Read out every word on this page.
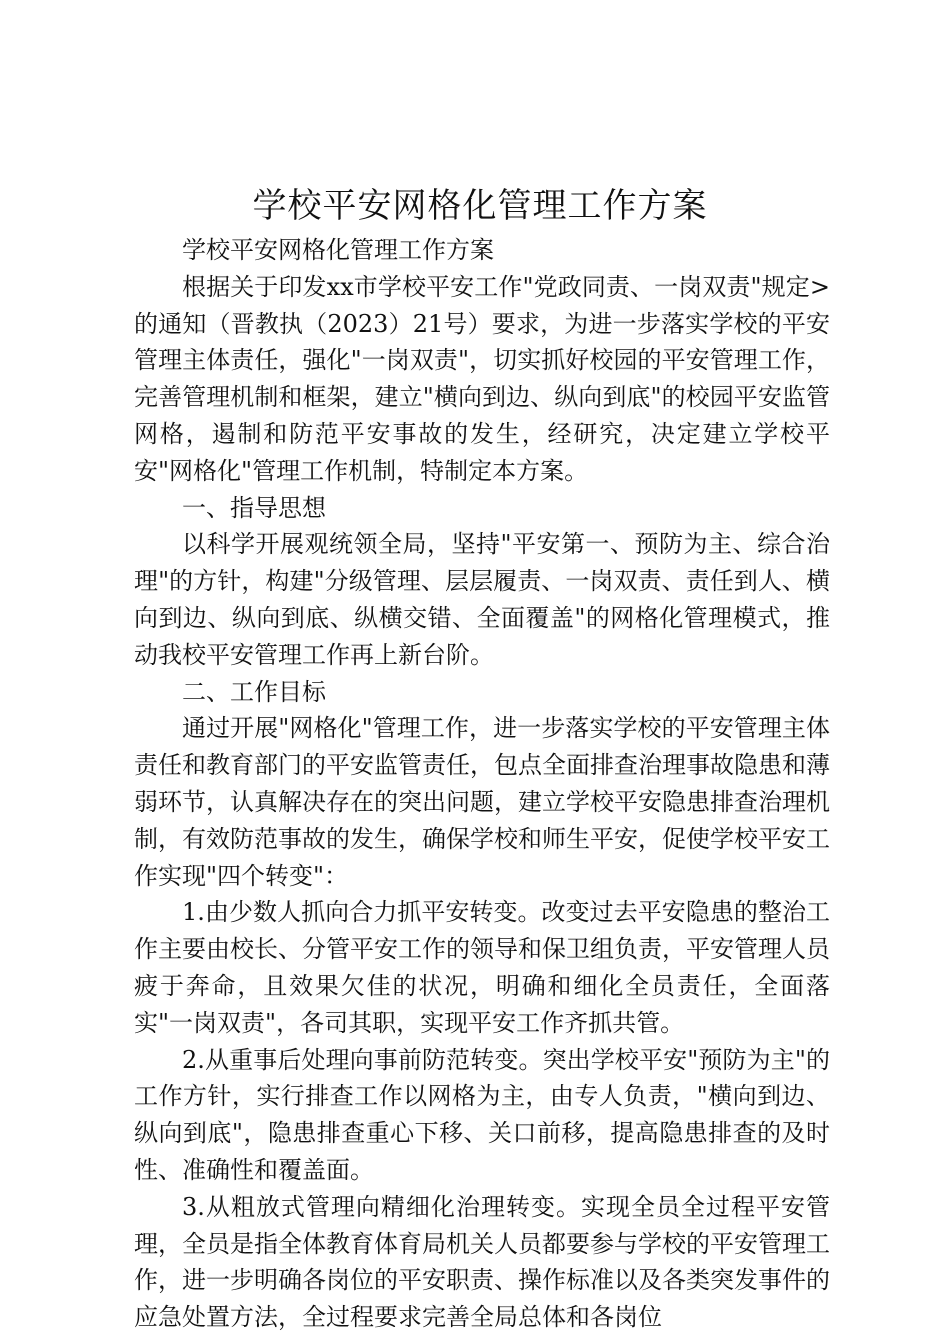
学校平安网格化管理工作方案

学校平安网格化管理工作方案

根据关于印发xx市学校平安工作"党政同责、一岗双责"规定>的通知（晋教执（2023）21号）要求，为进一步落实学校的平安管理主体责任，强化"一岗双责"，切实抓好校园的平安管理工作，完善管理机制和框架，建立"横向到边、纵向到底"的校园平安监管网格，遏制和防范平安事故的发生，经研究，决定建立学校平安"网格化"管理工作机制，特制定本方案。

一、指导思想

以科学开展观统领全局，坚持"平安第一、预防为主、综合治理"的方针，构建"分级管理、层层履责、一岗双责、责任到人、横向到边、纵向到底、纵横交错、全面覆盖"的网格化管理模式，推动我校平安管理工作再上新台阶。

二、工作目标

通过开展"网格化"管理工作，进一步落实学校的平安管理主体责任和教育部门的平安监管责任，包点全面排查治理事故隐患和薄弱环节，认真解决存在的突出问题，建立学校平安隐患排查治理机制，有效防范事故的发生，确保学校和师生平安，促使学校平安工作实现"四个转变"：

1.由少数人抓向合力抓平安转变。改变过去平安隐患的整治工作主要由校长、分管平安工作的领导和保卫组负责，平安管理人员疲于奔命，且效果欠佳的状况，明确和细化全员责任，全面落实"一岗双责"，各司其职，实现平安工作齐抓共管。

2.从重事后处理向事前防范转变。突出学校平安"预防为主"的工作方针，实行排查工作以网格为主，由专人负责，"横向到边、纵向到底"，隐患排查重心下移、关口前移，提高隐患排查的及时性、准确性和覆盖面。

3.从粗放式管理向精细化治理转变。实现全员全过程平安管理，全员是指全体教育体育局机关人员都要参与学校的平安管理工作，进一步明确各岗位的平安职责、操作标准以及各类突发事件的应急处置方法，全过程要求完善全局总体和各岗位
